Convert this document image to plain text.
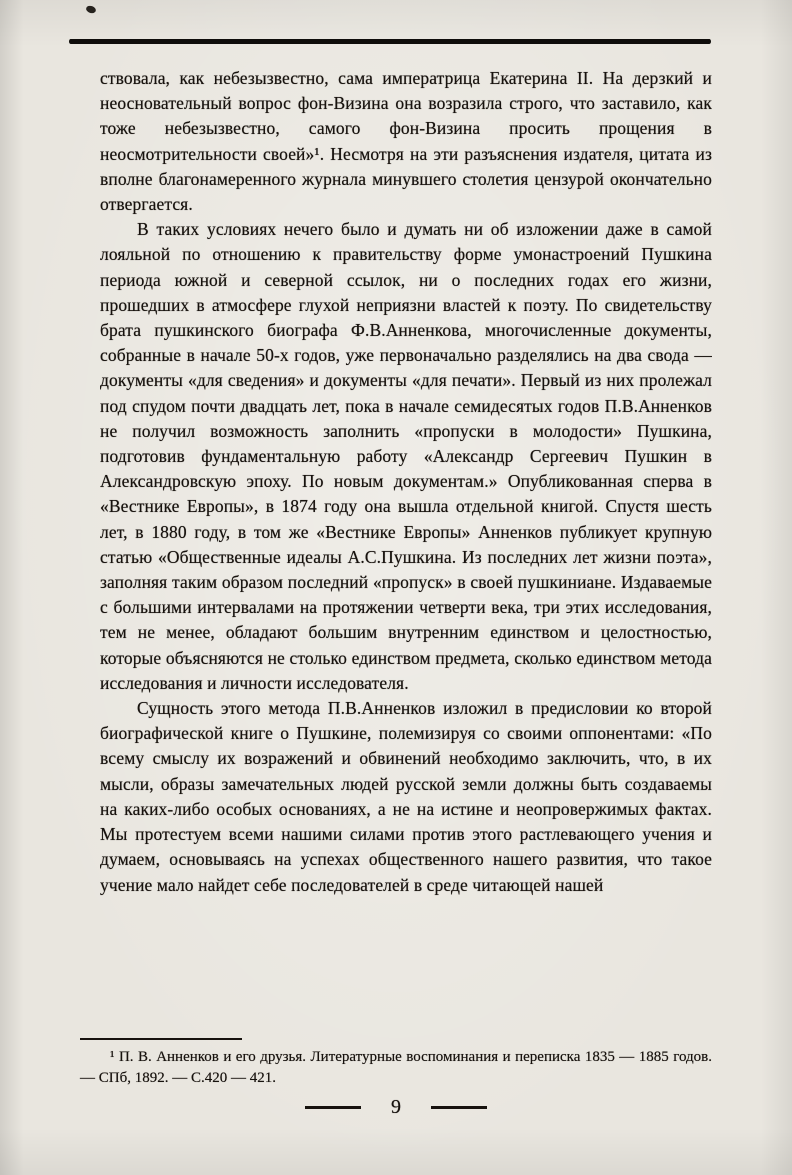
ствовала, как небезызвестно, сама императрица Екатерина II. На дерзкий и неосновательный вопрос фон-Визина она возразила строго, что заставило, как тоже небезызвестно, самого фон-Визина просить прощения в неосмотрительности своей»¹. Несмотря на эти разъяснения издателя, цитата из вполне благонамеренного журнала минувшего столетия цензурой окончательно отвергается.

В таких условиях нечего было и думать ни об изложении даже в самой лояльной по отношению к правительству форме умонастроений Пушкина периода южной и северной ссылок, ни о последних годах его жизни, прошедших в атмосфере глухой неприязни властей к поэту. По свидетельству брата пушкинского биографа Ф.В.Анненкова, многочисленные документы, собранные в начале 50-х годов, уже первоначально разделялись на два свода — документы «для сведения» и документы «для печати». Первый из них пролежал под спудом почти двадцать лет, пока в начале семидесятых годов П.В.Анненков не получил возможность заполнить «пропуски в молодости» Пушкина, подготовив фундаментальную работу «Александр Сергеевич Пушкин в Александровскую эпоху. По новым документам.» Опубликованная сперва в «Вестнике Европы», в 1874 году она вышла отдельной книгой. Спустя шесть лет, в 1880 году, в том же «Вестнике Европы» Анненков публикует крупную статью «Общественные идеалы А.С.Пушкина. Из последних лет жизни поэта», заполняя таким образом последний «пропуск» в своей пушкиниане. Издаваемые с большими интервалами на протяжении четверти века, три этих исследования, тем не менее, обладают большим внутренним единством и целостностью, которые объясняются не столько единством предмета, сколько единством метода исследования и личности исследователя.

Сущность этого метода П.В.Анненков изложил в предисловии ко второй биографической книге о Пушкине, полемизируя со своими оппонентами: «По всему смыслу их возражений и обвинений необходимо заключить, что, в их мысли, образы замечательных людей русской земли должны быть создаваемы на каких-либо особых основаниях, а не на истине и неопровержимых фактах. Мы протестуем всеми нашими силами против этого растлевающего учения и думаем, основываясь на успехах общественного нашего развития, что такое учение мало найдет себе последователей в среде читающей нашей

¹ П. В. Анненков и его друзья. Литературные воспоминания и переписка 1835 — 1885 годов. — СПб, 1892. — С.420 — 421.

9
